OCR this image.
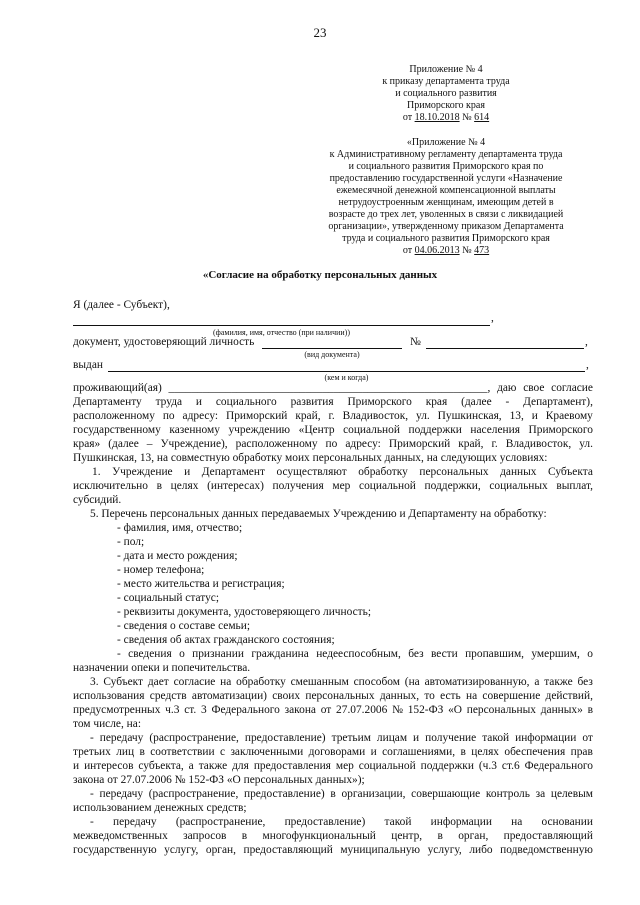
23
Приложение № 4
к приказу департамента труда
и социального развития
Приморского края
от 18.10.2018 № 614
«Приложение № 4
к Административному регламенту департамента труда
и социального развития Приморского края по
предоставлению государственной услуги «Назначение
ежемесячной денежной компенсационной выплаты
нетрудоустроенным женщинам, имеющим детей в
возрасте до трех лет, уволенных в связи с ликвидацией
организации», утвержденному приказом Департамента
труда и социального развития Приморского края
от 04.06.2013 № 473
«Согласие на обработку персональных данных
Я (далее - Субъект),
,
(фамилия, имя, отчество (при наличии))
документ, удостоверяющий личность	№	,
(вид документа)
выдан	,
(кем и когда)
проживающий(ая) ________________________________________________________, даю свое согласие
Департаменту труда и социального развития Приморского края (далее - Департамент),
расположенному по адресу: Приморский край, г. Владивосток, ул. Пушкинская, 13, и Краевому
государственному казенному учреждению «Центр социальной поддержки населения Приморского
края» (далее – Учреждение), расположенному по адресу: Приморский край, г. Владивосток, ул.
Пушкинская, 13, на совместную обработку моих персональных данных, на следующих условиях:
1. Учреждение и Департамент осуществляют обработку персональных данных Субъекта
исключительно в целях (интересах) получения мер социальной поддержки, социальных выплат,
субсидий.
5. Перечень персональных данных передаваемых Учреждению и Департаменту на обработку:
- фамилия, имя, отчество;
- пол;
- дата и место рождения;
- номер телефона;
- место жительства и регистрация;
- социальный статус;
- реквизиты документа, удостоверяющего личность;
- сведения о составе семьи;
- сведения об актах гражданского состояния;
- сведения о признании гражданина недееспособным, без вести пропавшим, умершим, о
назначении опеки и попечительства.
3. Субъект дает согласие на обработку смешанным способом (на автоматизированную, а также без
использования средств автоматизации) своих персональных данных, то есть на совершение действий,
предусмотренных ч.3 ст. 3 Федерального закона от 27.07.2006 № 152-ФЗ «О персональных данных» в
том числе, на:
- передачу (распространение, предоставление) третьим лицам и получение такой информации от
третьих лиц в соответствии с заключенными договорами и соглашениями, в целях обеспечения прав
и интересов субъекта, а также для предоставления мер социальной поддержки (ч.3 ст.6 Федерального
закона от 27.07.2006 № 152-ФЗ «О персональных данных»);
- передачу (распространение, предоставление) в организации, совершающие контроль за целевым
использованием денежных средств;
- передачу (распространение, предоставление) такой информации на основании
межведомственных запросов в многофункциональный центр, в орган, предоставляющий
государственную услугу, орган, предоставляющий муниципальную услугу, либо подведомственную
